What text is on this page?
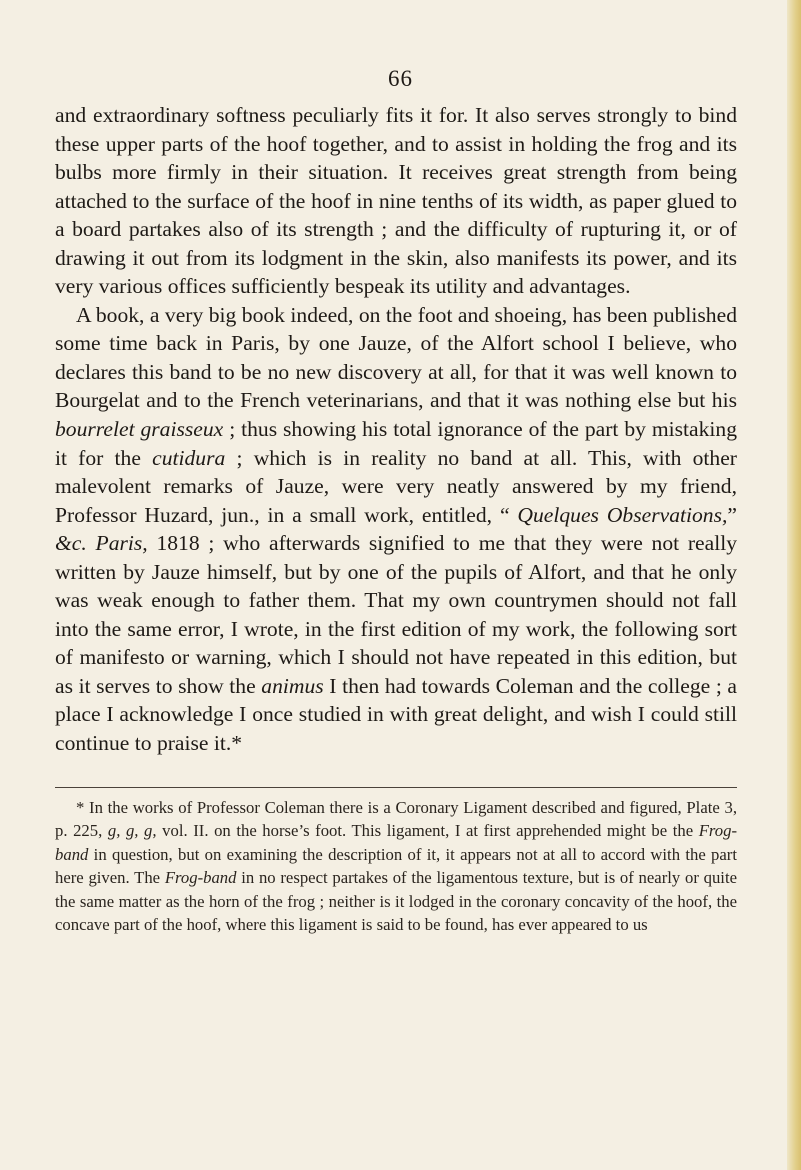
66

and extraordinary softness peculiarly fits it for. It also serves strongly to bind these upper parts of the hoof together, and to assist in holding the frog and its bulbs more firmly in their situation. It receives great strength from being attached to the surface of the hoof in nine tenths of its width, as paper glued to a board partakes also of its strength ; and the difficulty of rupturing it, or of drawing it out from its lodgment in the skin, also manifests its power, and its very various offices sufficiently bespeak its utility and advantages.

A book, a very big book indeed, on the foot and shoeing, has been published some time back in Paris, by one Jauze, of the Alfort school I believe, who declares this band to be no new discovery at all, for that it was well known to Bourgelat and to the French veterinarians, and that it was nothing else but his bourrelet graisseux ; thus showing his total ignorance of the part by mistaking it for the cutidura ; which is in reality no band at all. This, with other malevolent remarks of Jauze, were very neatly answered by my friend, Professor Huzard, jun., in a small work, entitled, “ Quelques Observations,” &c. Paris, 1818 ; who afterwards signified to me that they were not really written by Jauze himself, but by one of the pupils of Alfort, and that he only was weak enough to father them. That my own countrymen should not fall into the same error, I wrote, in the first edition of my work, the following sort of manifesto or warning, which I should not have repeated in this edition, but as it serves to show the animus I then had towards Coleman and the college ; a place I acknowledge I once studied in with great delight, and wish I could still continue to praise it.*

* In the works of Professor Coleman there is a Coronary Ligament described and figured, Plate 3, p. 225, g, g, g, vol. II. on the horse’s foot. This ligament, I at first apprehended might be the Frog-band in question, but on examining the description of it, it appears not at all to accord with the part here given. The Frog-band in no respect partakes of the ligamentous texture, but is of nearly or quite the same matter as the horn of the frog ; neither is it lodged in the coronary concavity of the hoof, the concave part of the hoof, where this ligament is said to be found, has ever appeared to us
